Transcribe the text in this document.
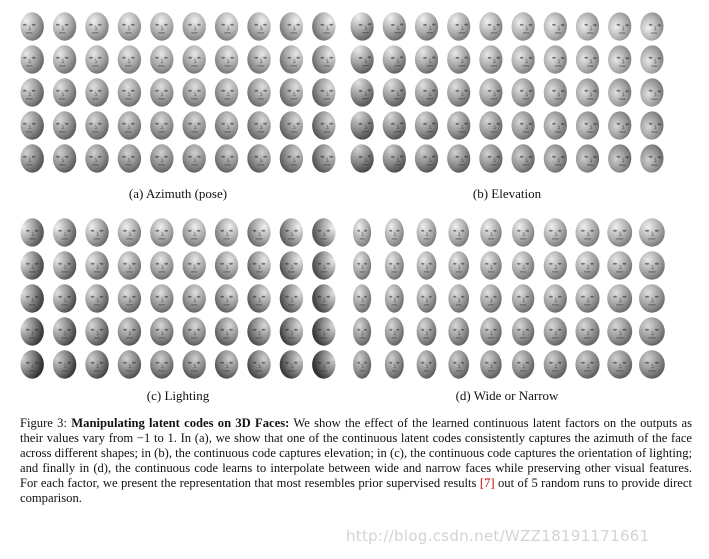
(a) Azimuth (pose)	(b) Elevation
(c) Lighting	(d) Wide or Narrow
Figure 3: Manipulating latent codes on 3D Faces: We show the effect of the learned continuous latent factors on the outputs as their values vary from −1 to 1. In (a), we show that one of the continuous latent codes consistently captures the azimuth of the face across different shapes; in (b), the continuous code captures elevation; in (c), the continuous code captures the orientation of lighting; and finally in (d), the continuous code learns to interpolate between wide and narrow faces while preserving other visual features. For each factor, we present the representation that most resembles prior supervised results [7] out of 5 random runs to provide direct comparison.
http://blog.csdn.net/WZZ18191171661
